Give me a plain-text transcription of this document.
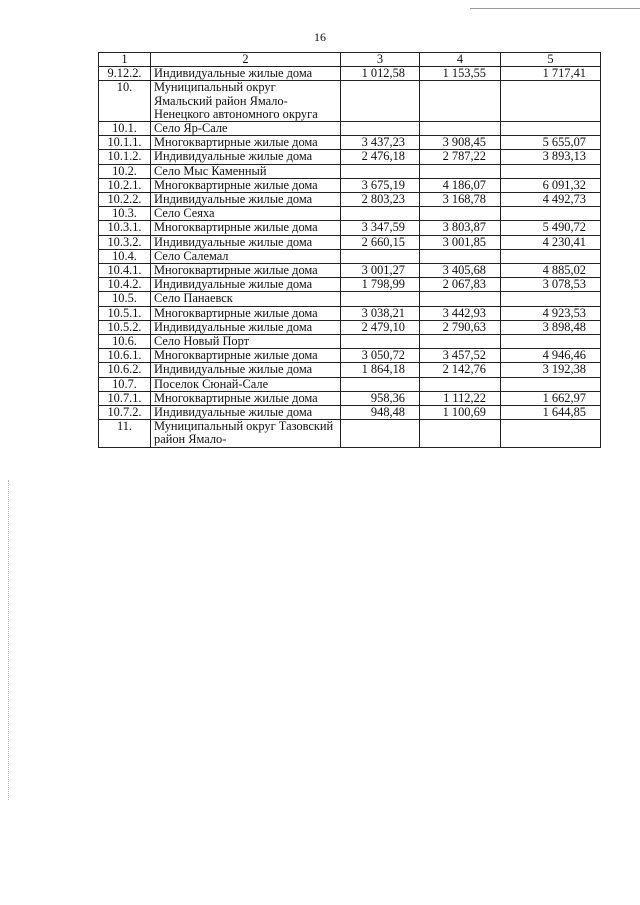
16
1	2	3	4	5
9.12.2.	Индивидуальные жилые дома	1 012,58	1 153,55	1 717,41
10.	Муниципальный округ Ямальский район Ямало-Ненецкого автономного округа			
10.1.	Село Яр-Сале			
10.1.1.	Многоквартирные жилые дома	3 437,23	3 908,45	5 655,07
10.1.2.	Индивидуальные жилые дома	2 476,18	2 787,22	3 893,13
10.2.	Село Мыс Каменный			
10.2.1.	Многоквартирные жилые дома	3 675,19	4 186,07	6 091,32
10.2.2.	Индивидуальные жилые дома	2 803,23	3 168,78	4 492,73
10.3.	Село Сеяха			
10.3.1.	Многоквартирные жилые дома	3 347,59	3 803,87	5 490,72
10.3.2.	Индивидуальные жилые дома	2 660,15	3 001,85	4 230,41
10.4.	Село Салемал			
10.4.1.	Многоквартирные жилые дома	3 001,27	3 405,68	4 885,02
10.4.2.	Индивидуальные жилые дома	1 798,99	2 067,83	3 078,53
10.5.	Село Панаевск			
10.5.1.	Многоквартирные жилые дома	3 038,21	3 442,93	4 923,53
10.5.2.	Индивидуальные жилые дома	2 479,10	2 790,63	3 898,48
10.6.	Село Новый Порт			
10.6.1.	Многоквартирные жилые дома	3 050,72	3 457,52	4 946,46
10.6.2.	Индивидуальные жилые дома	1 864,18	2 142,76	3 192,38
10.7.	Поселок Сюнай-Сале			
10.7.1.	Многоквартирные жилые дома	958,36	1 112,22	1 662,97
10.7.2.	Индивидуальные жилые дома	948,48	1 100,69	1 644,85
11.	Муниципальный округ Тазовский район Ямало-			
